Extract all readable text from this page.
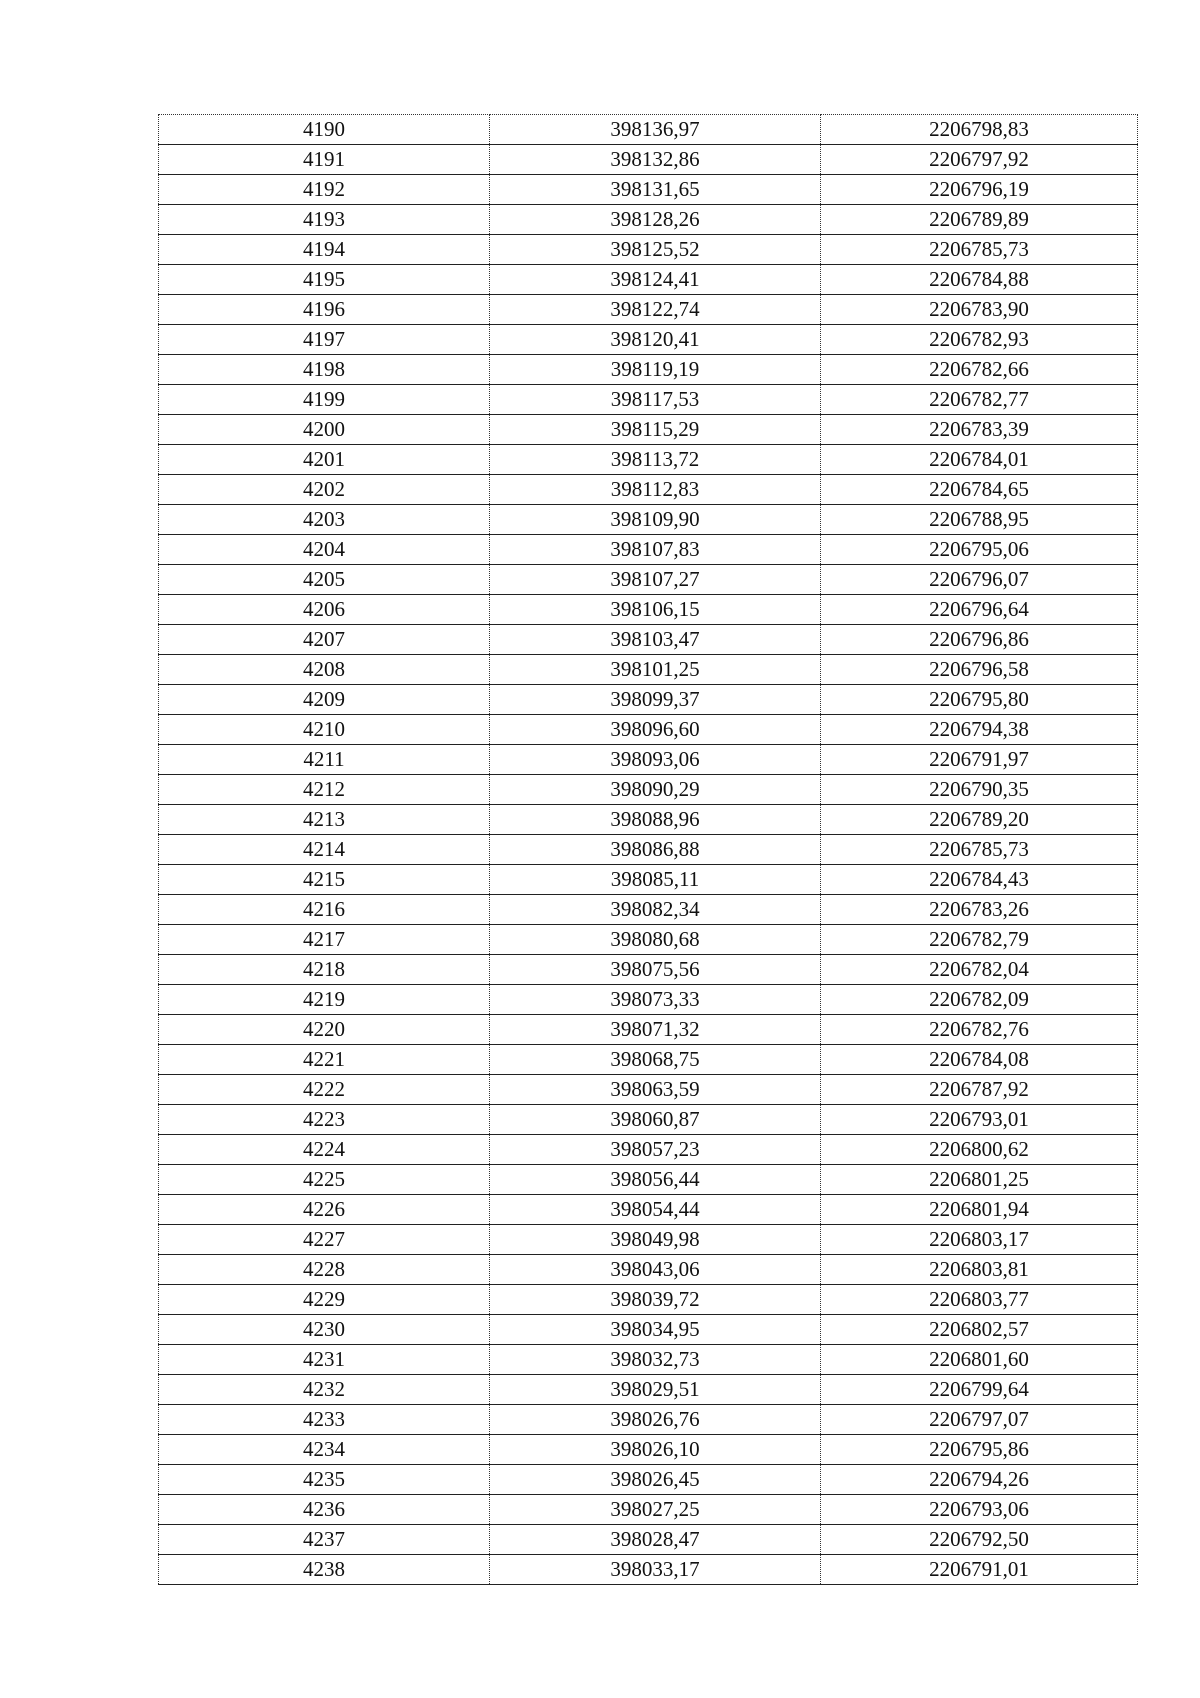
4190	398136,97	2206798,83
4191	398132,86	2206797,92
4192	398131,65	2206796,19
4193	398128,26	2206789,89
4194	398125,52	2206785,73
4195	398124,41	2206784,88
4196	398122,74	2206783,90
4197	398120,41	2206782,93
4198	398119,19	2206782,66
4199	398117,53	2206782,77
4200	398115,29	2206783,39
4201	398113,72	2206784,01
4202	398112,83	2206784,65
4203	398109,90	2206788,95
4204	398107,83	2206795,06
4205	398107,27	2206796,07
4206	398106,15	2206796,64
4207	398103,47	2206796,86
4208	398101,25	2206796,58
4209	398099,37	2206795,80
4210	398096,60	2206794,38
4211	398093,06	2206791,97
4212	398090,29	2206790,35
4213	398088,96	2206789,20
4214	398086,88	2206785,73
4215	398085,11	2206784,43
4216	398082,34	2206783,26
4217	398080,68	2206782,79
4218	398075,56	2206782,04
4219	398073,33	2206782,09
4220	398071,32	2206782,76
4221	398068,75	2206784,08
4222	398063,59	2206787,92
4223	398060,87	2206793,01
4224	398057,23	2206800,62
4225	398056,44	2206801,25
4226	398054,44	2206801,94
4227	398049,98	2206803,17
4228	398043,06	2206803,81
4229	398039,72	2206803,77
4230	398034,95	2206802,57
4231	398032,73	2206801,60
4232	398029,51	2206799,64
4233	398026,76	2206797,07
4234	398026,10	2206795,86
4235	398026,45	2206794,26
4236	398027,25	2206793,06
4237	398028,47	2206792,50
4238	398033,17	2206791,01
